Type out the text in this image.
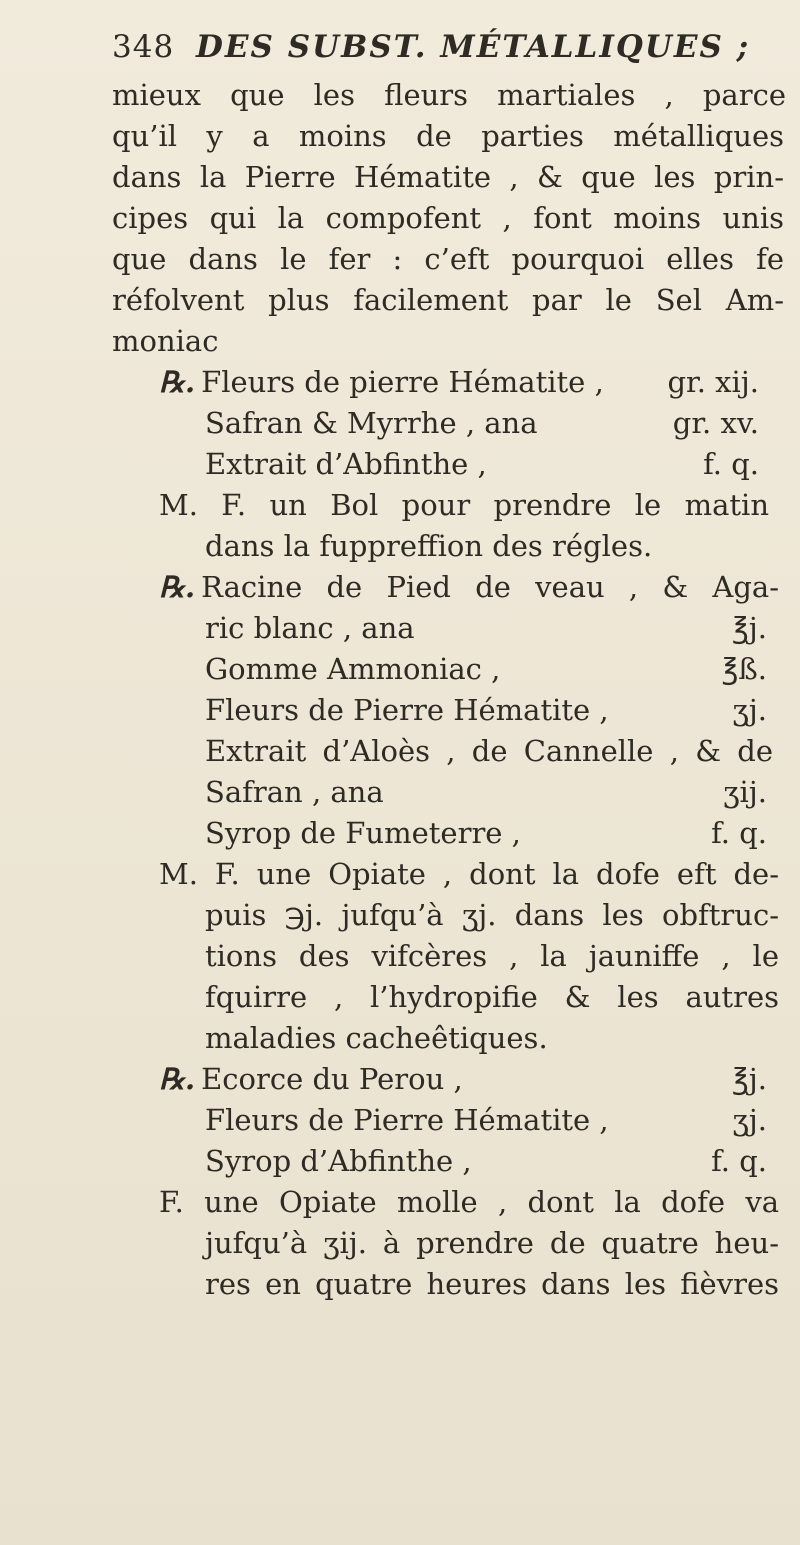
348 DES SUBST. MÉTALLIQUES ;
mieux que les fleurs martiales , parce
qu’il y a moins de parties métalliques
dans la Pierre Hématite , & que les prin-
cipes qui la compofent , font moins unis
que dans le fer : c’eft pourquoi elles fe
réfolvent plus facilement par le Sel Am-
moniac
℞. Fleurs de pierre Hématite , gr. xij.
Safran & Myrrhe , ana	gr. xv.
Extrait d’Abfinthe ,	f. q.
M. F. un Bol pour prendre le matin
dans la fuppreffion des régles.
℞. Racine de Pied de veau , & Aga-
ric blanc , ana	℥j.
Gomme Ammoniac ,	℥ß.
Fleurs de Pierre Hématite ,	ʒj.
Extrait d’Aloès , de Cannelle , & de
Safran , ana	ʒij.
Syrop de Fumeterre ,	f. q.
M. F. une Opiate , dont la dofe eft de-
puis ℈j. jufqu’à ʒj. dans les obftruc-
tions des vifcères , la jauniffe , le
fquirre , l’hydropifie & les autres
maladies cacheêtiques.
℞. Ecorce du Perou ,	℥j.
Fleurs de Pierre Hématite ,	ʒj.
Syrop d’Abfinthe ,	f. q.
F. une Opiate molle , dont la dofe va
jufqu’à ʒij. à prendre de quatre heu-
res en quatre heures dans les fièvres
